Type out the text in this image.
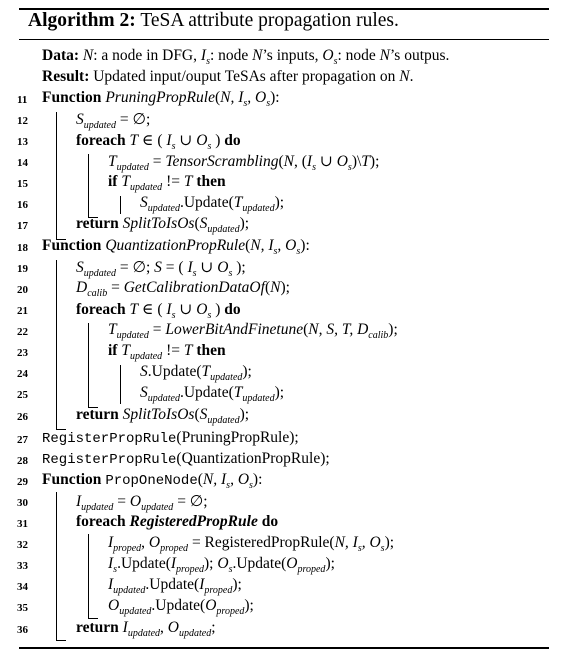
Algorithm 2: TeSA attribute propagation rules.
Data: N: a node in DFG, $I_s$: node N’s inputs, $O_s$: node N’s outpus.
Result: Updated input/ouput TeSAs after propagation on N.
11 Function PruningPropRule(N, $I_s$, $O_s$):
12	$S_{updated}$ = ∅;
13	foreach T ∈ ( $I_s$ ∪ $O_s$ ) do
14	$T_{updated}$ = TensorScrambling(N, ($I_s$ ∪ $O_s)\backslash T$);
15	if $T_{updated}$ != T then
16	$S_{updated}.Update(T_{updated})$;
17	return $SplitToIsOs(S_{updated})$;
18 Function QuantizationPropRule(N, $I_s$, $O_s$):
19	$S_{updated}$ = ∅; S = ( $I_s$ ∪ $O_s$ );
20	$D_{calib}$ = GetCalibrationDataOf(N);
21	foreach T ∈ ( $I_s$ ∪ $O_s$ ) do
22	$T_{updated}$ = LowerBitAndFinetune(N, S, T, $D_{calib}$);
23	if $T_{updated}$ != T then
24	$S.Update(T_{updated})$;
25	$S_{updated}.Update(T_{updated})$;
26	return $SplitToIsOs(S_{updated})$;
27	RegisterPropRule(PruningPropRule);
28	RegisterPropRule(QuantizationPropRule);
29 Function PropOneNode(N, $I_s$, $O_s$):
30	$I_{updated} = O_{updated}$ = ∅;
31	foreach RegisteredPropRule do
32	$I_{proped}$, $O_{proped}$ = RegisteredPropRule(N, $I_s$, $O_s$);
33	$I_s.Update(I_{proped})$; $O_s.Update(O_{proped})$;
34	$I_{updated}.Update(I_{proped})$;
35	$O_{updated}.Update(O_{proped})$;
36	return $I_{updated}$, $O_{updated}$;
